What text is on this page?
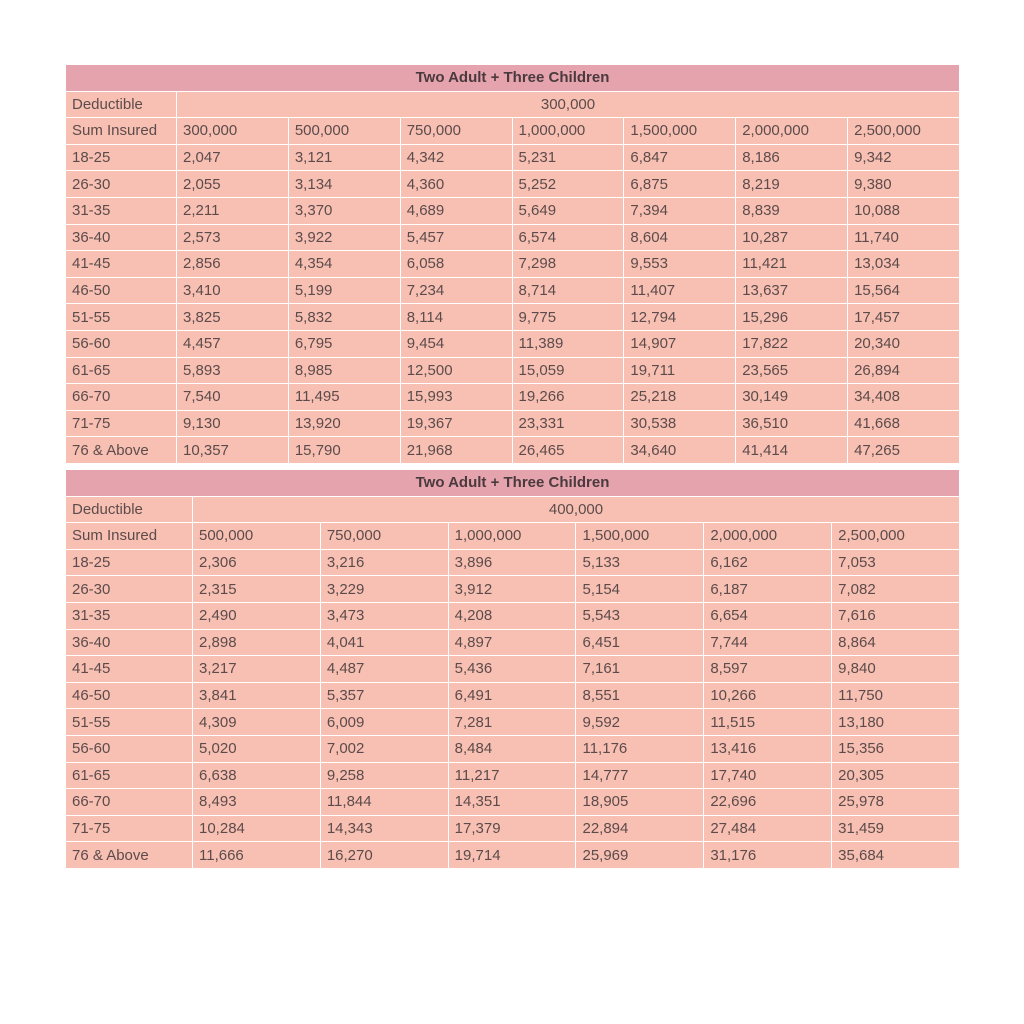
Two Adult + Three Children							
Deductible	300,000						
Sum Insured	300,000	500,000	750,000	1,000,000	1,500,000	2,000,000	2,500,000
18-25	2,047	3,121	4,342	5,231	6,847	8,186	9,342
26-30	2,055	3,134	4,360	5,252	6,875	8,219	9,380
31-35	2,211	3,370	4,689	5,649	7,394	8,839	10,088
36-40	2,573	3,922	5,457	6,574	8,604	10,287	11,740
41-45	2,856	4,354	6,058	7,298	9,553	11,421	13,034
46-50	3,410	5,199	7,234	8,714	11,407	13,637	15,564
51-55	3,825	5,832	8,114	9,775	12,794	15,296	17,457
56-60	4,457	6,795	9,454	11,389	14,907	17,822	20,340
61-65	5,893	8,985	12,500	15,059	19,711	23,565	26,894
66-70	7,540	11,495	15,993	19,266	25,218	30,149	34,408
71-75	9,130	13,920	19,367	23,331	30,538	36,510	41,668
76 & Above	10,357	15,790	21,968	26,465	34,640	41,414	47,265
Two Adult + Three Children						
Deductible	400,000					
Sum Insured	500,000	750,000	1,000,000	1,500,000	2,000,000	2,500,000
18-25	2,306	3,216	3,896	5,133	6,162	7,053
26-30	2,315	3,229	3,912	5,154	6,187	7,082
31-35	2,490	3,473	4,208	5,543	6,654	7,616
36-40	2,898	4,041	4,897	6,451	7,744	8,864
41-45	3,217	4,487	5,436	7,161	8,597	9,840
46-50	3,841	5,357	6,491	8,551	10,266	11,750
51-55	4,309	6,009	7,281	9,592	11,515	13,180
56-60	5,020	7,002	8,484	11,176	13,416	15,356
61-65	6,638	9,258	11,217	14,777	17,740	20,305
66-70	8,493	11,844	14,351	18,905	22,696	25,978
71-75	10,284	14,343	17,379	22,894	27,484	31,459
76 & Above	11,666	16,270	19,714	25,969	31,176	35,684
